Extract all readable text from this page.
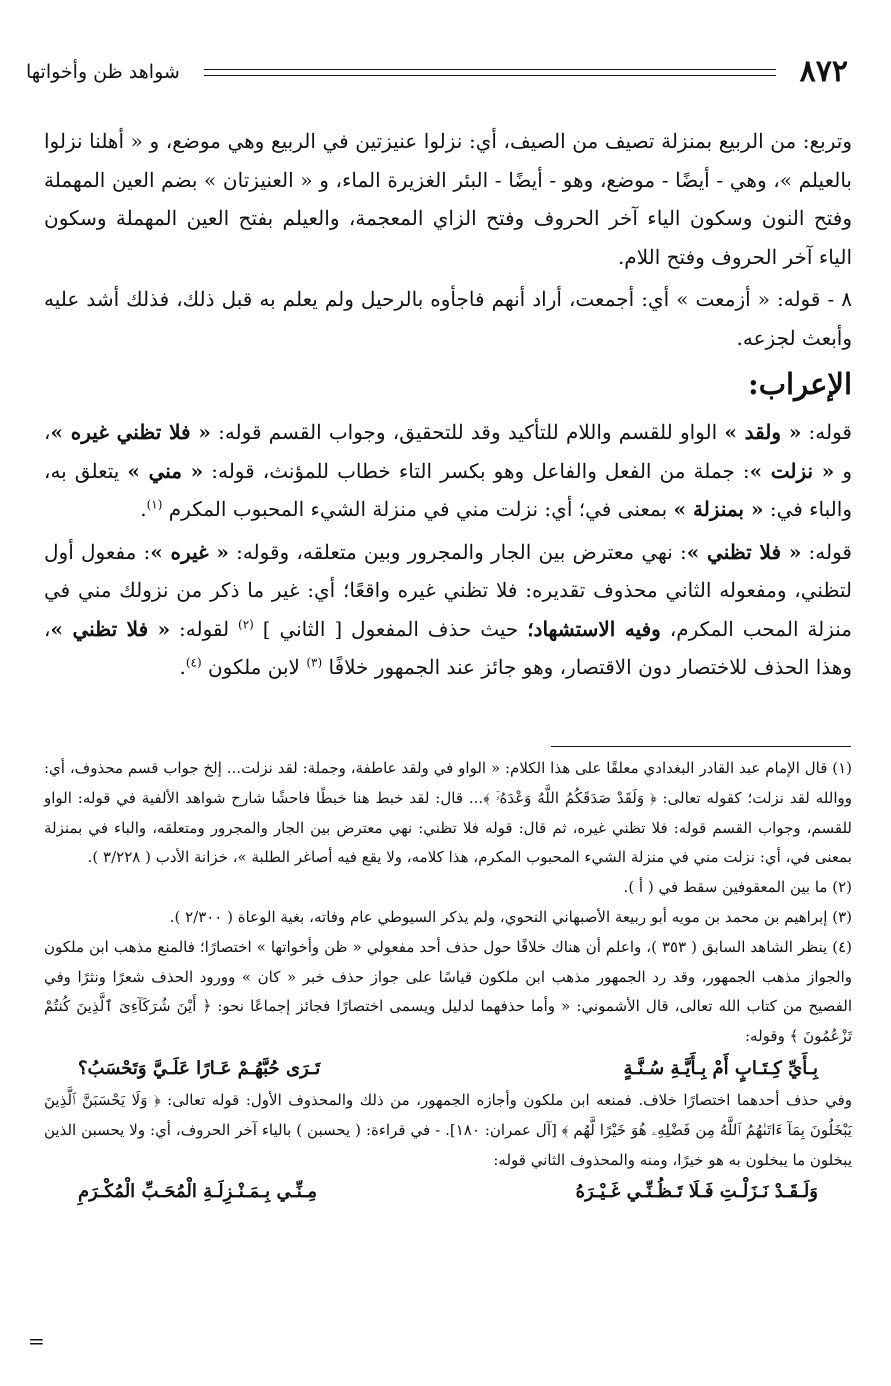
٨٧٢
شواهد ظن وأخواتها

وتربع: من الربيع بمنزلة تصيف من الصيف، أي: نزلوا عنيزتين في الربيع وهي موضع، و « أهلنا نزلوا بالعيلم »، وهي - أيضًا - موضع، وهو - أيضًا - البئر الغزيرة الماء، و « العنيزتان » بضم العين المهملة وفتح النون وسكون الياء آخر الحروف وفتح الزاي المعجمة، والعيلم بفتح العين المهملة وسكون الياء آخر الحروف وفتح اللام.

٨ - قوله: « أزمعت » أي: أجمعت، أراد أنهم فاجأوه بالرحيل ولم يعلم به قبل ذلك، فذلك أشد عليه وأبعث لجزعه.

الإعراب:

قوله: « ولقد » الواو للقسم واللام للتأكيد وقد للتحقيق، وجواب القسم قوله: « فلا تظني غيره »، و « نزلت »: جملة من الفعل والفاعل وهو بكسر التاء خطاب للمؤنث، قوله: « مني » يتعلق به، والباء في: « بمنزلة » بمعنى في؛ أي: نزلت مني في منزلة الشيء المحبوب المكرم $^{(١)}$.

قوله: « فلا تظني »: نهي معترض بين الجار والمجرور وبين متعلقه، وقوله: « غيره »: مفعول أول لتظني، ومفعوله الثاني محذوف تقديره: فلا تظني غيره واقعًا؛ أي: غير ما ذكر من نزولك مني في منزلة المحب المكرم، وفيه الاستشهاد؛ حيث حذف المفعول [ الثاني ] $^{(٢)}$ لقوله: « فلا تظني »، وهذا الحذف للاختصار دون الاقتصار، وهو جائز عند الجمهور خلافًا $^{(٣)}$ لابن ملكون $^{(٤)}$.

(١) قال الإمام عبد القادر البغدادي معلقًا على هذا الكلام: « الواو في ولقد عاطفة، وجملة: لقد نزلت... إلخ جواب قسم محذوف، أي: ووالله لقد نزلت؛ كقوله تعالى: ﴿ وَلَقَدْ صَدَقَكُمُ اللَّهُ وَعْدَهُۥٓ ﴾... قال: لقد خبط هنا خبطًا فاحشًا شارح شواهد الألفية في قوله: الواو للقسم، وجواب القسم قوله: فلا تظني غيره، ثم قال: قوله فلا تظني: نهي معترض بين الجار والمجرور ومتعلقه، والباء في بمنزلة بمعنى في، أي: نزلت مني في منزلة الشيء المحبوب المكرم، هذا كلامه، ولا يقع فيه أصاغر الطلبة »، خزانة الأدب ( ٣/٢٢٨ ).

(٢) ما بين المعقوفين سقط في ( أ ).

(٣) إبراهيم بن محمد بن مويه أبو ربيعة الأصبهاني النحوي، ولم يذكر السيوطي عام وفاته، بغية الوعاة ( ٢/٣٠٠ ).

(٤) ينظر الشاهد السابق ( ٣٥٣ )، واعلم أن هناك خلافًا حول حذف أحد مفعولي « ظن وأخواتها » اختصارًا؛ فالمنع مذهب ابن ملكون والجواز مذهب الجمهور، وقد رد الجمهور مذهب ابن ملكون قياسًا على جواز حذف خبر « كان » وورود الحذف شعرًا ونثرًا وفي الفصيح من كتاب الله تعالى، قال الأشموني: « وأما حذفهما لدليل ويسمى اختصارًا فجائز إجماعًا نحو: ﴿ أَيْنَ شُرَكَآءِىَ ٱلَّذِينَ كُنتُمْ تَزْعُمُونَ ﴾ وقوله:

بِـأَيِّ كِـتَـابٍ أَمْ بِـأَيَّـةِ سُـنَّـةٍ
تَـرَى حُبَّهُـمْ عَـارًا عَلَـيَّ وَتَحْسَبُ؟

وفي حذف أحدهما اختصارًا خلاف. فمنعه ابن ملكون وأجازه الجمهور، من ذلك والمحذوف الأول: قوله تعالى: ﴿ وَلَا يَحْسَبَنَّ ٱلَّذِينَ يَبْخَلُونَ بِمَآ ءَاتَىٰهُمُ ٱللَّهُ مِن فَضْلِهِۦ هُوَ خَيْرًا لَّهُم ﴾ [آل عمران: ١٨٠]. - في قراءة: ( يحسبن ) بالياء آخر الحروف، أي: ولا يحسبن الذين يبخلون ما يبخلون به هو خيرًا، ومنه والمحذوف الثاني قوله:

وَلَـقَـدْ نَـزَلْـتِ فَـلَا تَـظُـنِّـي غَـيْـرَهُ
مِـنِّـي بِـمَـنْـزِلَـةِ الْمُحَـبِّ الْمُكْـرَمِ
=
